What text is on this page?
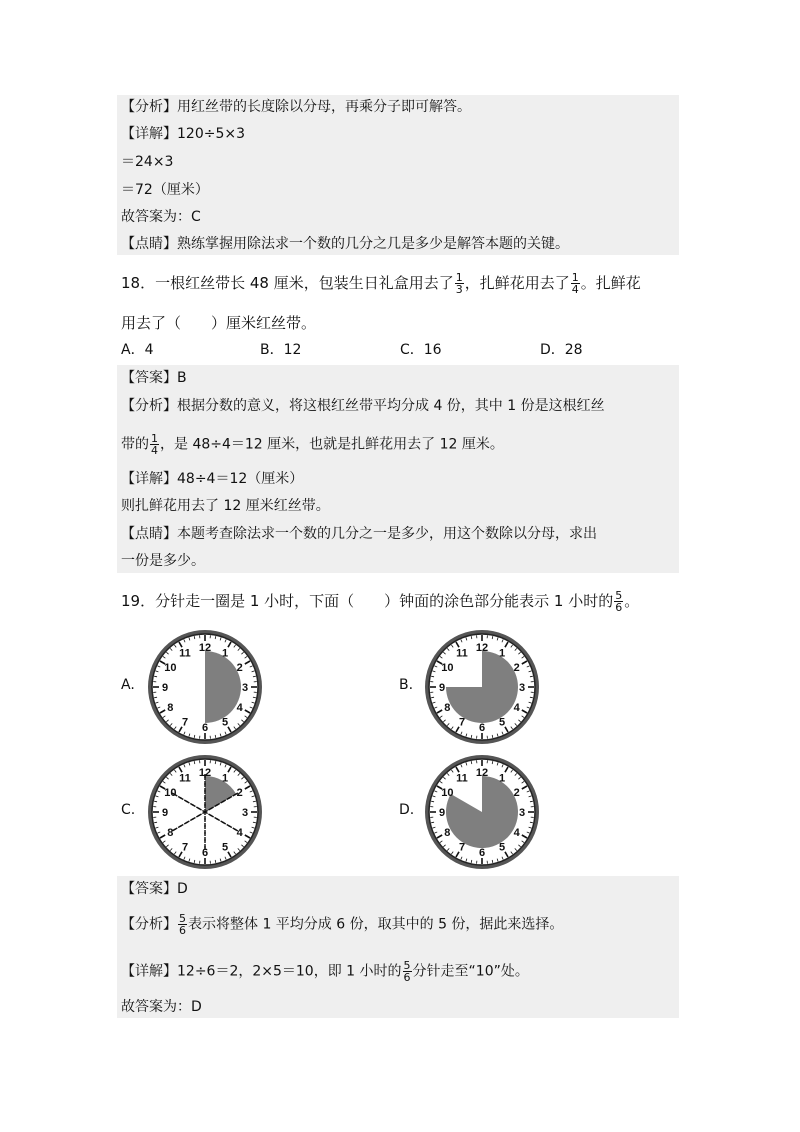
【分析】用红丝带的长度除以分母，再乘分子即可解答。
【详解】120÷5×3
＝24×3
＝72（厘米）
故答案为：C
【点睛】熟练掌握用除法求一个数的几分之几是多少是解答本题的关键。
18．一根红丝带长 48 厘米，包装生日礼盒用去了 $\frac{1}{3}$ ，扎鲜花用去了 $\frac{1}{4}$ 。扎鲜花
用去了（　　）厘米红丝带。
A．4	B．12	C．16	D．28
【答案】B
【分析】根据分数的意义，将这根红丝带平均分成 4 份，其中 1 份是这根红丝
带的 $\frac{1}{4}$ ，是 48÷4＝12 厘米，也就是扎鲜花用去了 12 厘米。
【详解】48÷4＝12（厘米）
则扎鲜花用去了 12 厘米红丝带。
【点睛】本题考查除法求一个数的几分之一是多少，用这个数除以分母，求出
一份是多少。
19．分针走一圈是 1 小时，下面（　　）钟面的涂色部分能表示 1 小时的 $\frac{5}{6}$ 。
A.
12 1
2
3
4
5
6
7
8
9
10
11
B.
12 1
2
3
4
5
6
7
8
9
10
11
C.
12 1
2
3
4
5
6
7
8
9
10
11
D.
12 1
2
3
4
5
6
7
8
9
10
11
【答案】D
【分析】 $\frac{5}{6}$ 表示将整体 1 平均分成 6 份，取其中的 5 份，据此来选择。
【详解】12÷6＝2，2×5＝10，即 1 小时的 $\frac{5}{6}$ 分针走至“10”处。
故答案为：D
